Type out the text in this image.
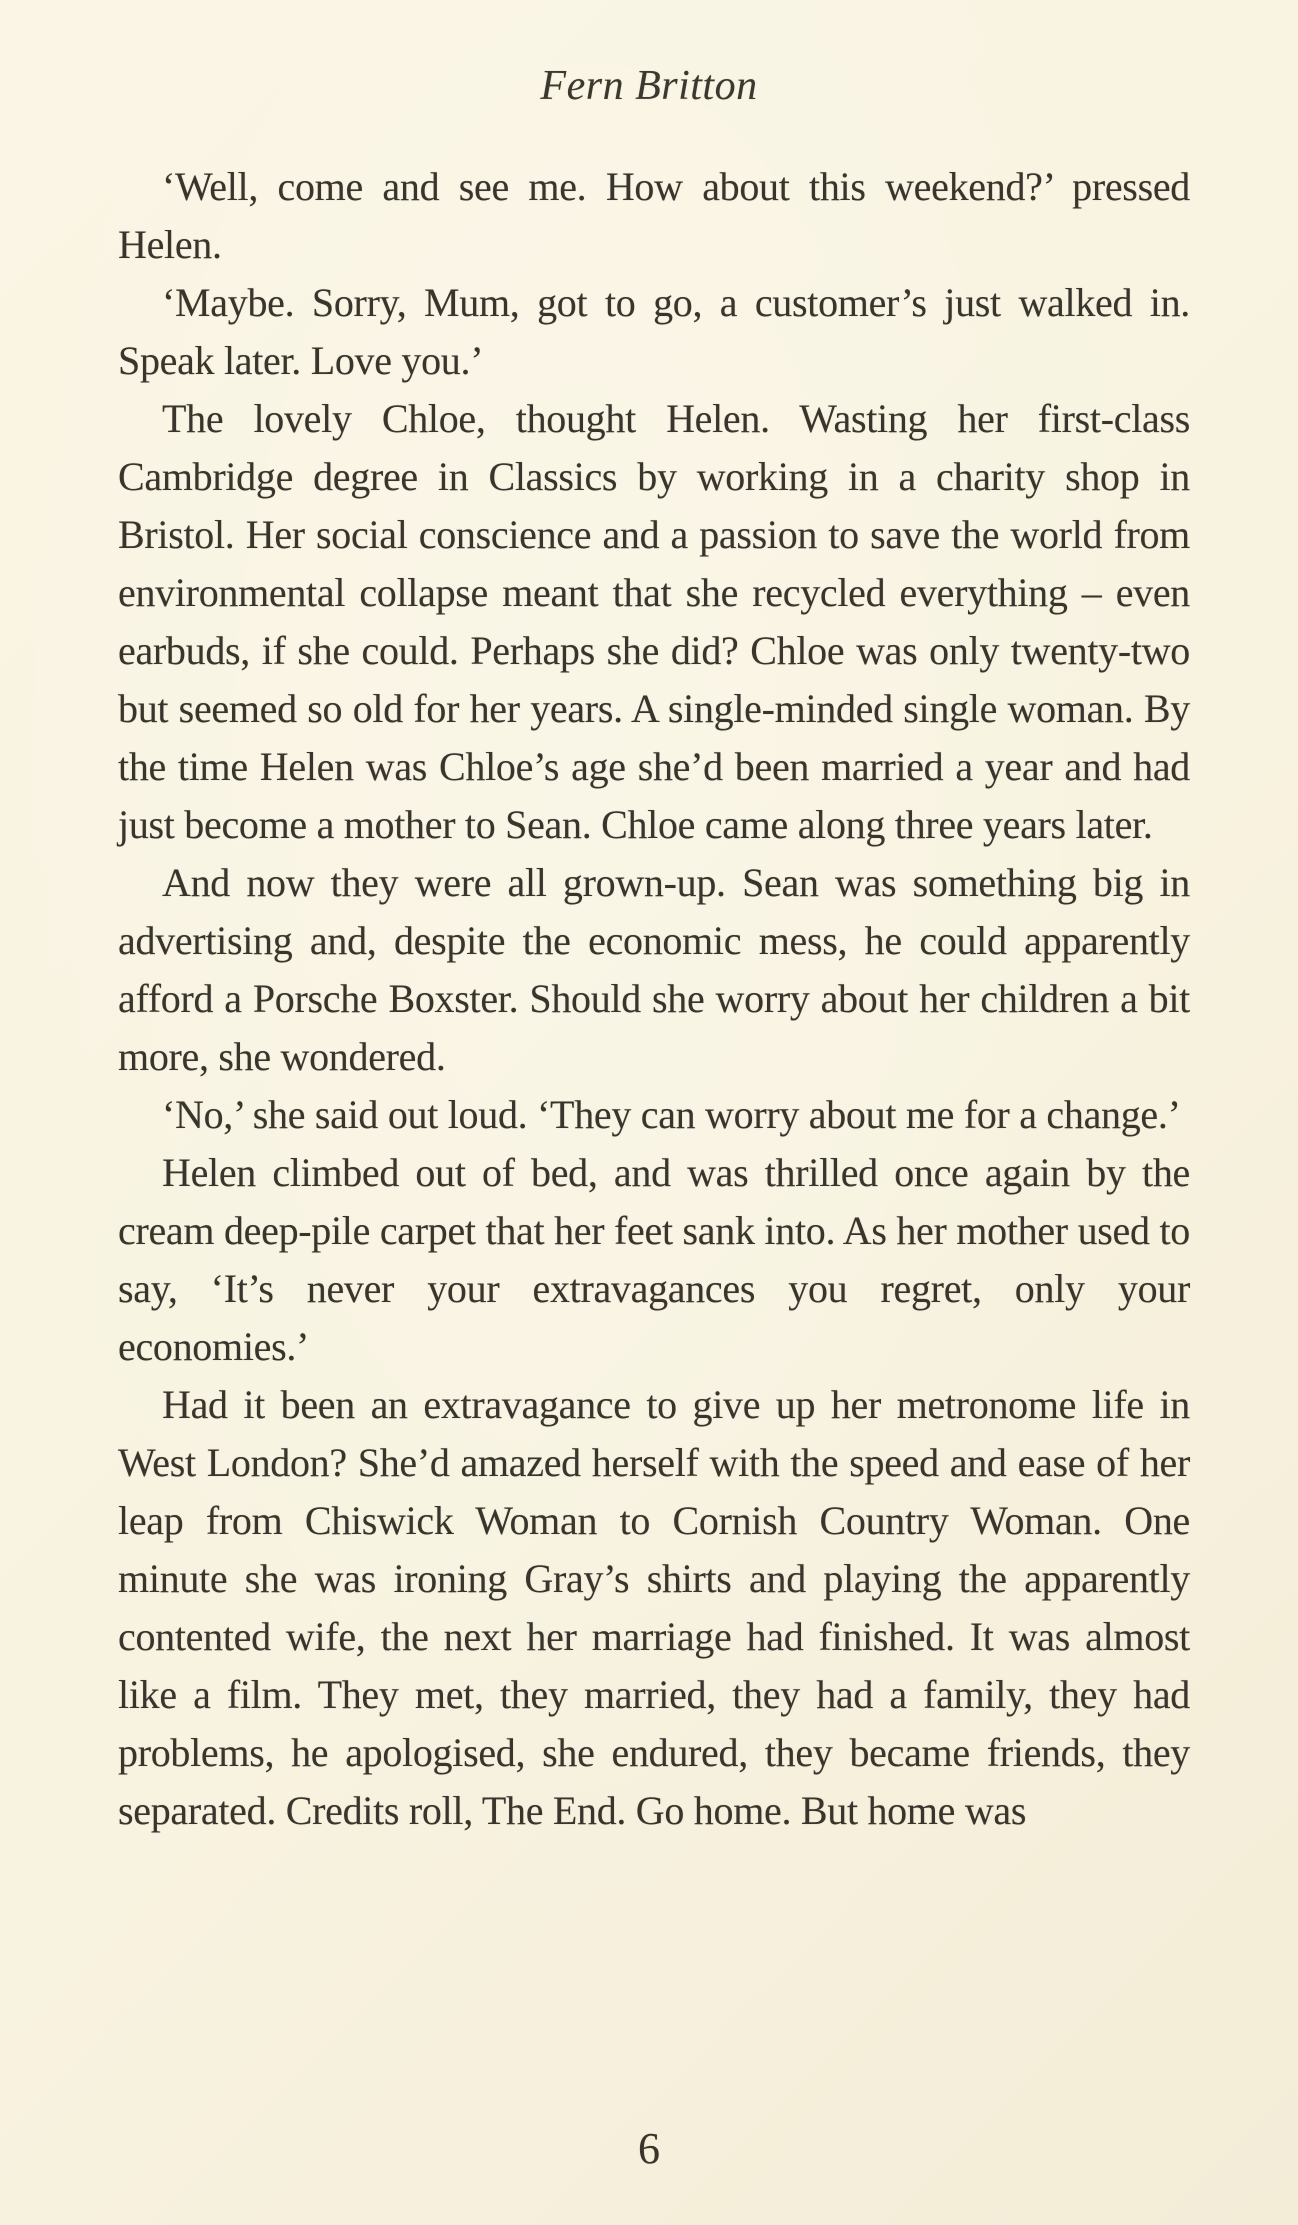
Fern Britton

‘Well, come and see me. How about this weekend?’ pressed Helen.

‘Maybe. Sorry, Mum, got to go, a customer’s just walked in. Speak later. Love you.’

The lovely Chloe, thought Helen. Wasting her first-class Cambridge degree in Classics by working in a charity shop in Bristol. Her social conscience and a passion to save the world from environmental collapse meant that she recycled everything – even earbuds, if she could. Perhaps she did? Chloe was only twenty-two but seemed so old for her years. A single-minded single woman. By the time Helen was Chloe’s age she’d been married a year and had just become a mother to Sean. Chloe came along three years later.

And now they were all grown-up. Sean was something big in advertising and, despite the economic mess, he could apparently afford a Porsche Boxster. Should she worry about her children a bit more, she wondered.

‘No,’ she said out loud. ‘They can worry about me for a change.’

Helen climbed out of bed, and was thrilled once again by the cream deep-pile carpet that her feet sank into. As her mother used to say, ‘It’s never your extravagances you regret, only your economies.’

Had it been an extravagance to give up her metronome life in West London? She’d amazed herself with the speed and ease of her leap from Chiswick Woman to Cornish Country Woman. One minute she was ironing Gray’s shirts and playing the apparently contented wife, the next her marriage had finished. It was almost like a film. They met, they married, they had a family, they had problems, he apologised, she endured, they became friends, they separated. Credits roll, The End. Go home. But home was

6
